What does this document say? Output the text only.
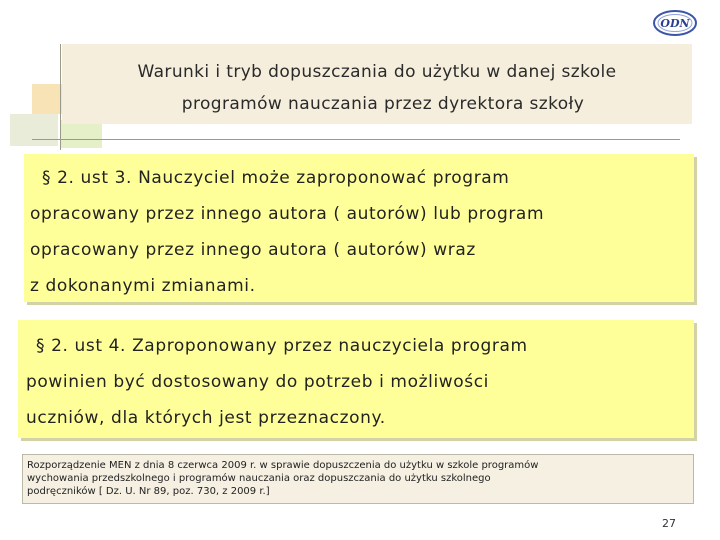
ODN
Warunki i tryb dopuszczania do użytku w danej szkole
programów nauczania przez dyrektora szkoły
§ 2. ust 3. Nauczyciel może zaproponować program
opracowany przez innego autora ( autorów) lub program
opracowany przez innego autora ( autorów) wraz
z dokonanymi zmianami.
§ 2. ust 4. Zaproponowany przez nauczyciela program
powinien być dostosowany do potrzeb i możliwości
uczniów, dla których jest przeznaczony.
Rozporządzenie MEN z dnia 8 czerwca 2009 r. w sprawie dopuszczenia do użytku w szkole programów
wychowania przedszkolnego i programów nauczania oraz dopuszczania do użytku szkolnego
podręczników [ Dz. U. Nr 89, poz. 730, z 2009 r.]
27
